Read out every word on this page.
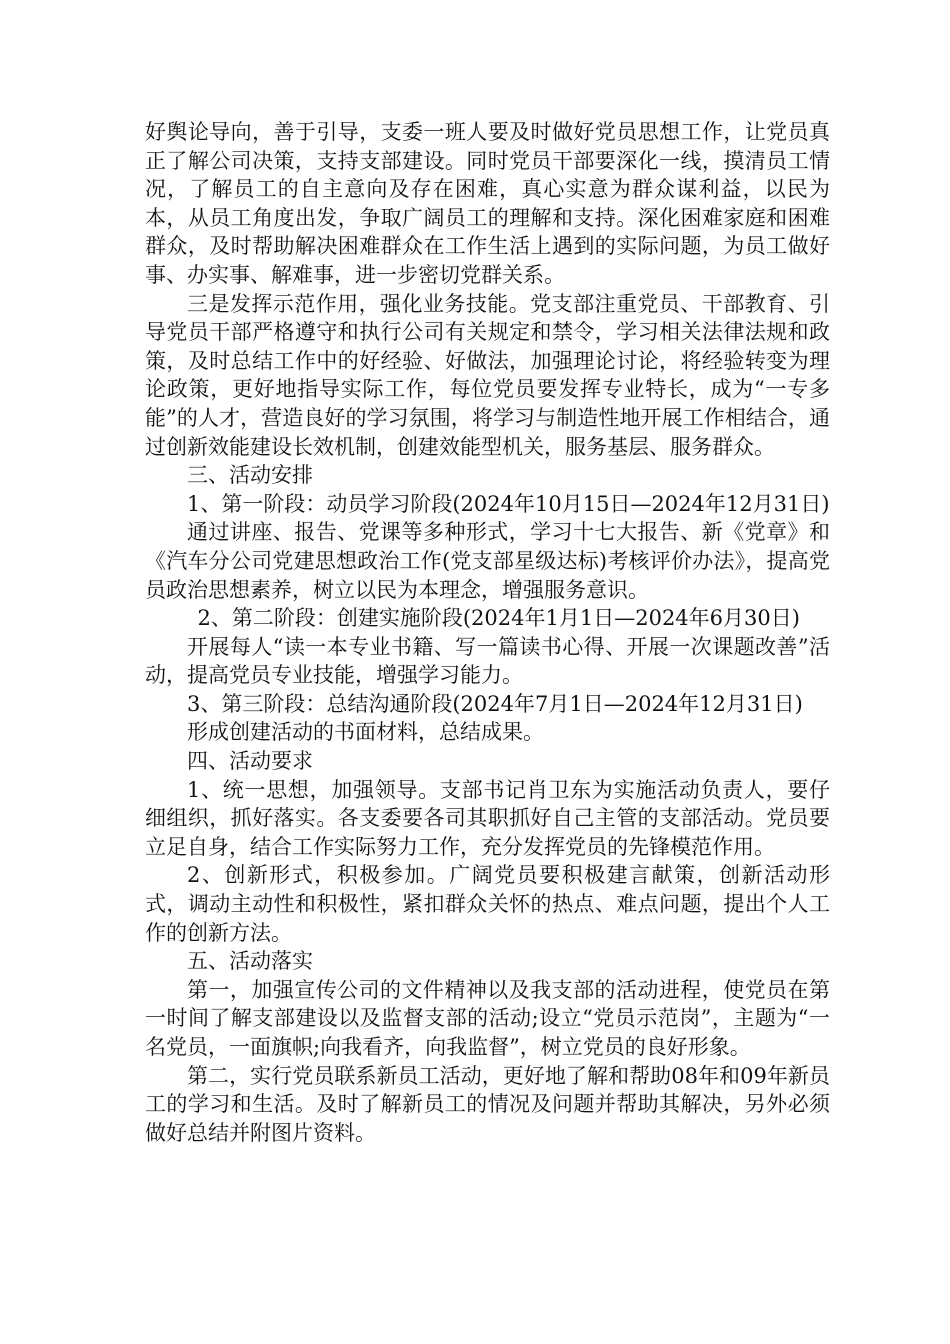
好舆论导向，善于引导，支委一班人要及时做好党员思想工作，让党员真正了解公司决策，支持支部建设。同时党员干部要深化一线，摸清员工情况，了解员工的自主意向及存在困难，真心实意为群众谋利益，以民为本，从员工角度出发，争取广阔员工的理解和支持。深化困难家庭和困难群众，及时帮助解决困难群众在工作生活上遇到的实际问题，为员工做好事、办实事、解难事，进一步密切党群关系。

三是发挥示范作用，强化业务技能。党支部注重党员、干部教育、引导党员干部严格遵守和执行公司有关规定和禁令，学习相关法律法规和政策，及时总结工作中的好经验、好做法，加强理论讨论，将经验转变为理论政策，更好地指导实际工作，每位党员要发挥专业特长，成为“一专多能”的人才，营造良好的学习氛围，将学习与制造性地开展工作相结合，通过创新效能建设长效机制，创建效能型机关，服务基层、服务群众。

三、活动安排

1、第一阶段：动员学习阶段(2024年10月15日—2024年12月31日)

通过讲座、报告、党课等多种形式，学习十七大报告、新《党章》和《汽车分公司党建思想政治工作(党支部星级达标)考核评价办法》，提高党员政治思想素养，树立以民为本理念，增强服务意识。

2、第二阶段：创建实施阶段(2024年1月1日—2024年6月30日)

开展每人“读一本专业书籍、写一篇读书心得、开展一次课题改善”活动，提高党员专业技能，增强学习能力。

3、第三阶段：总结沟通阶段(2024年7月1日—2024年12月31日)

形成创建活动的书面材料，总结成果。

四、活动要求

1、统一思想，加强领导。支部书记肖卫东为实施活动负责人，要仔细组织，抓好落实。各支委要各司其职抓好自己主管的支部活动。党员要立足自身，结合工作实际努力工作，充分发挥党员的先锋模范作用。

2、创新形式，积极参加。广阔党员要积极建言献策，创新活动形式，调动主动性和积极性，紧扣群众关怀的热点、难点问题，提出个人工作的创新方法。

五、活动落实

第一，加强宣传公司的文件精神以及我支部的活动进程，使党员在第一时间了解支部建设以及监督支部的活动;设立“党员示范岗”，主题为“一名党员，一面旗帜;向我看齐，向我监督”，树立党员的良好形象。

第二，实行党员联系新员工活动，更好地了解和帮助08年和09年新员工的学习和生活。及时了解新员工的情况及问题并帮助其解决，另外必须做好总结并附图片资料。
